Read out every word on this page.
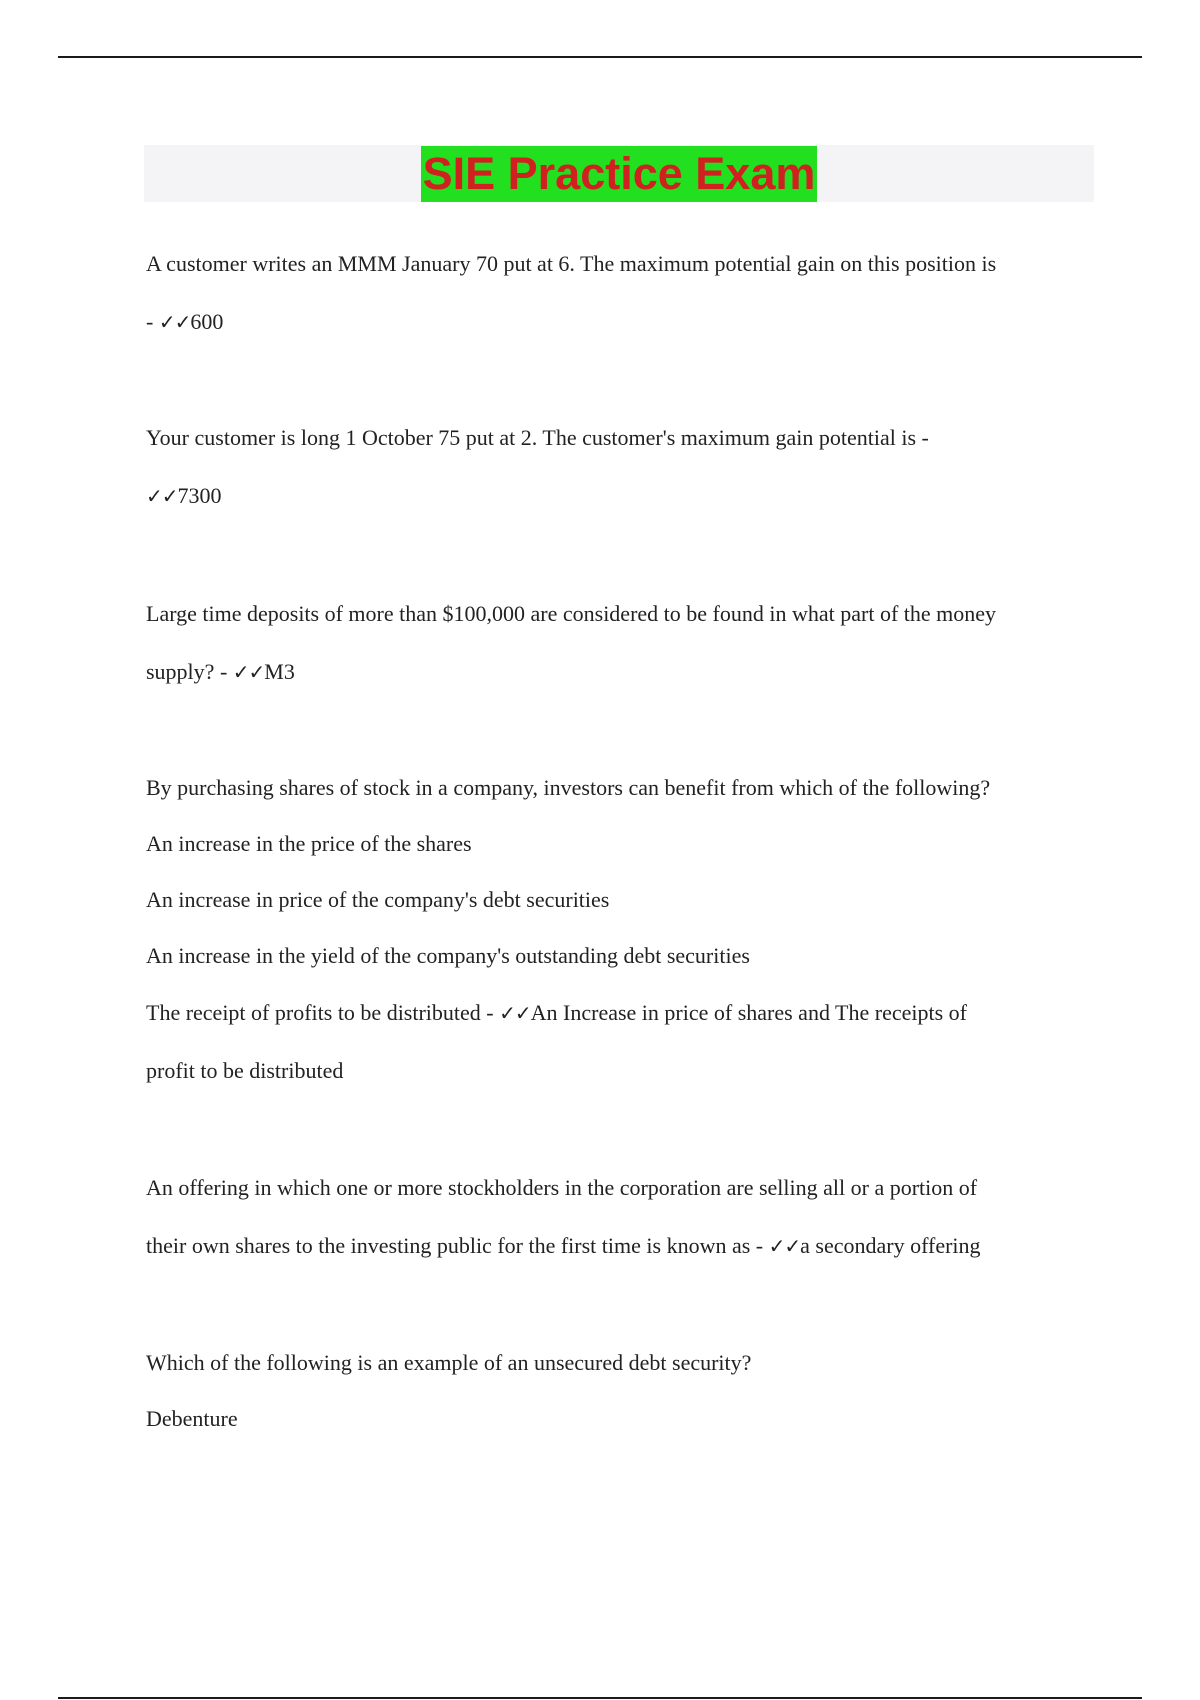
SIE Practice Exam
A customer writes an MMM January 70 put at 6. The maximum potential gain on this position is
- ✓✓600
Your customer is long 1 October 75 put at 2. The customer's maximum gain potential is -
✓✓7300
Large time deposits of more than $100,000 are considered to be found in what part of the money
supply? - ✓✓M3
By purchasing shares of stock in a company, investors can benefit from which of the following?
An increase in the price of the shares
An increase in price of the company's debt securities
An increase in the yield of the company's outstanding debt securities
The receipt of profits to be distributed - ✓✓An Increase in price of shares and The receipts of
profit to be distributed
An offering in which one or more stockholders in the corporation are selling all or a portion of
their own shares to the investing public for the first time is known as - ✓✓a secondary offering
Which of the following is an example of an unsecured debt security?
Debenture
